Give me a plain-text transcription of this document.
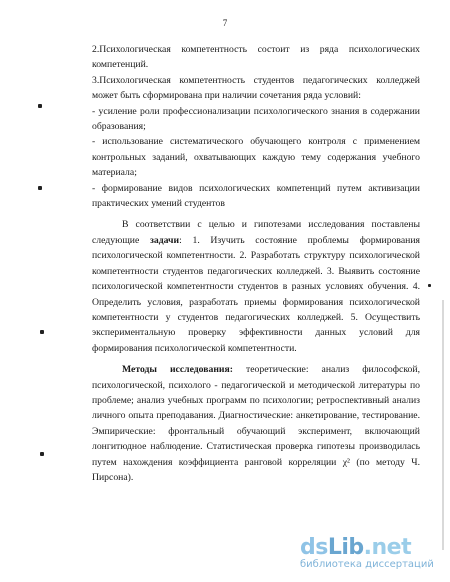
7

2.Психологическая компетентность состоит из ряда психологических компетенций.

3.Психологическая компетентность студентов педагогических колледжей может быть сформирована при наличии сочетания ряда условий:

- усиление роли профессионализации психологического знания в содержании образования;

- использование систематического обучающего контроля с применением контрольных заданий, охватывающих каждую тему содержания учебного материала;

- формирование видов психологических компетенций путем активизации практических умений студентов

В соответствии с целью и гипотезами исследования поставлены следующие задачи: 1. Изучить состояние проблемы формирования психологической компетентности. 2. Разработать структуру психологической компетентности студентов педагогических колледжей. 3. Выявить состояние психологической компетентности студентов в разных условиях обучения. 4. Определить условия, разработать приемы формирования психологической компетентности у студентов педагогических колледжей. 5. Осуществить экспериментальную проверку эффективности данных условий для формирования психологической компетентности.

Методы исследования: теоретические: анализ философской, психологической, психолого - педагогической и методической литературы по проблеме; анализ учебных программ по психологии; ретроспективный анализ личного опыта преподавания. Диагностические: анкетирование, тестирование. Эмпирические: фронтальный обучающий эксперимент, включающий лонгитюдное наблюдение. Статистическая проверка гипотезы производилась путем нахождения коэффициента ранговой корреляции χ² (по методу Ч. Пирсона).

ds Lib .net
библиотека диссертаций
